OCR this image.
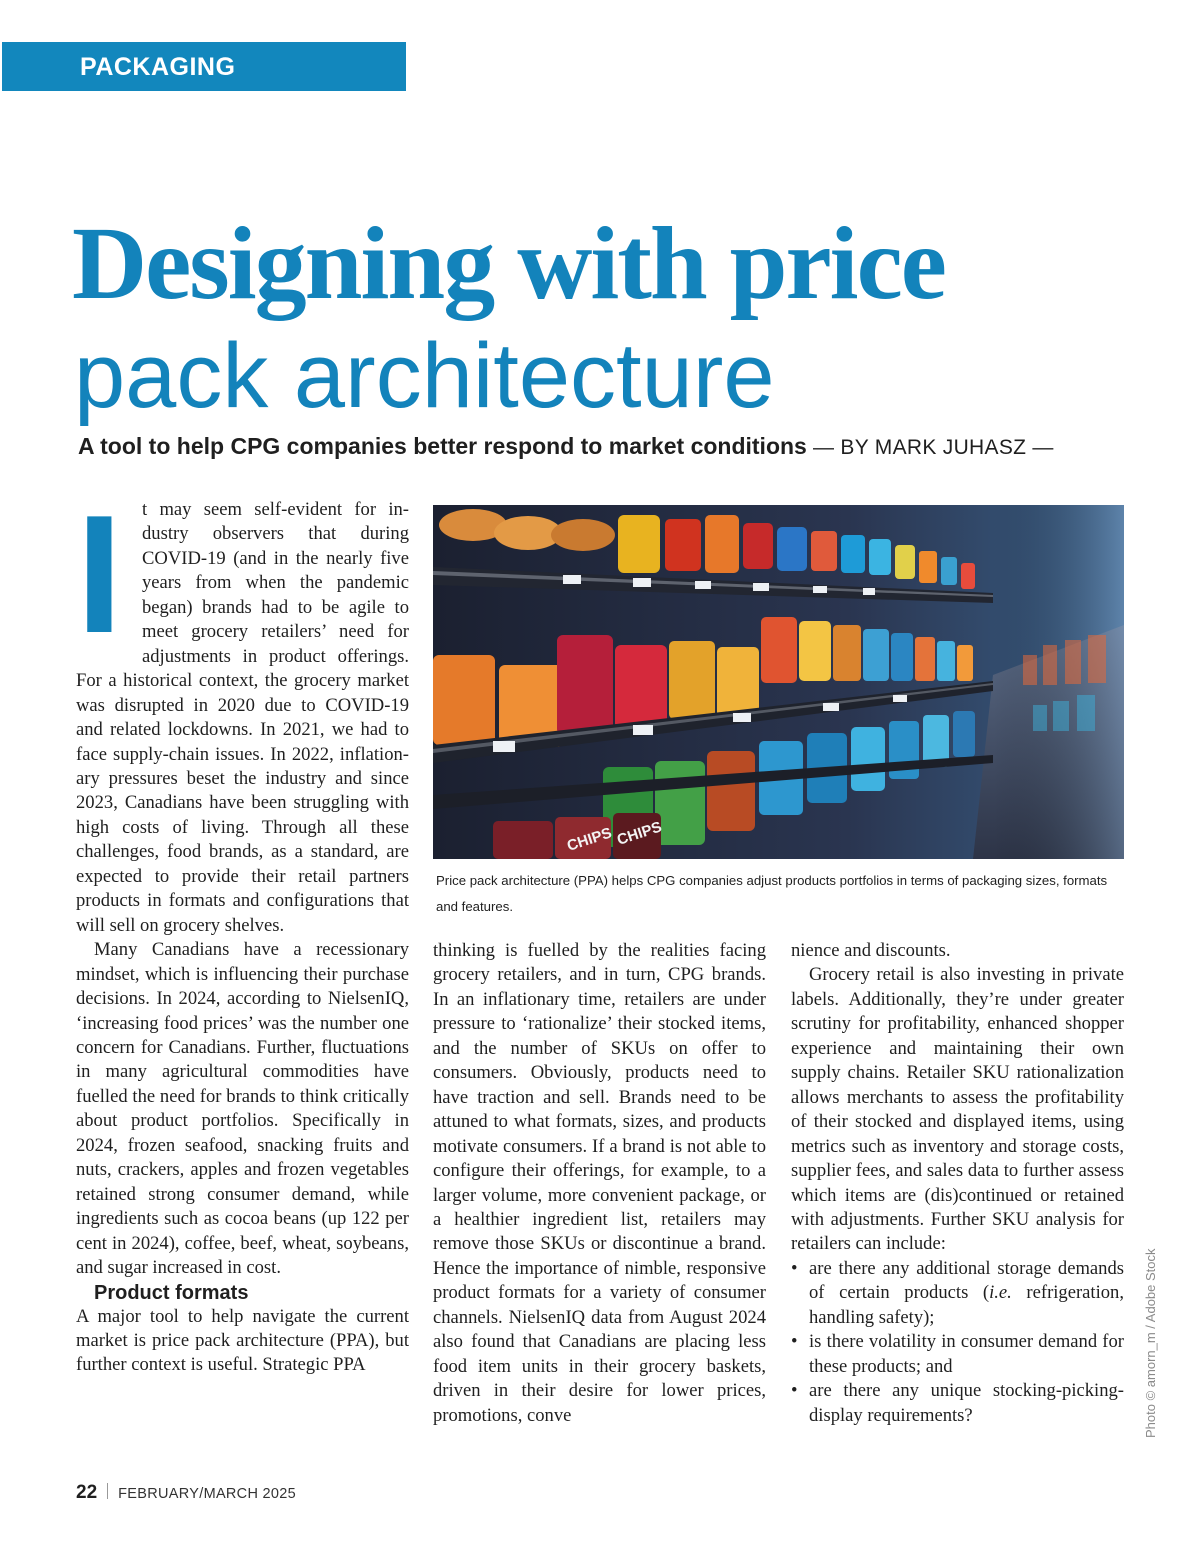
PACKAGING
Designing with price
pack architecture
A tool to help CPG companies better respond to market conditions — BY MARK JUHASZ —
I	t may seem self-evident for industry observers that during COVID-19 (and in the nearly five years from when the pandemic began) brands had to be agile to meet grocery retailers’ need for adjustments in product offerings. For a historical context, the grocery market was disrupted in 2020 due to COVID-19 and related lockdowns. In 2021, we had to face supply-chain issues. In 2022, inflationary pressures beset the industry and since 2023, Canadians have been struggling with high costs of living. Through all these challenges, food brands, as a standard, are expected to provide their retail partners products in formats and configurations that will sell on grocery shelves.

Many Canadians have a recessionary mindset, which is influencing their purchase decisions. In 2024, according to NielsenIQ, ‘increasing food prices’ was the number one concern for Canadians. Further, fluctuations in many agricultural commodities have fuelled the need for brands to think critically about product portfolios. Specifically in 2024, frozen seafood, snacking fruits and nuts, crackers, apples and frozen vegetables retained strong consumer demand, while ingredients such as cocoa beans (up 122 per cent in 2024), coffee, beef, wheat, soybeans, and sugar increased in cost.

Product formats

A major tool to help navigate the current market is price pack architecture (PPA), but further context is useful. Strategic PPA

CHIPS CHIPS
Price pack architecture (PPA) helps CPG companies adjust products portfolios in terms of packaging sizes, formats and features.

thinking is fuelled by the realities facing grocery retailers, and in turn, CPG brands. In an inflationary time, retailers are under pressure to ‘rationalize’ their stocked items, and the number of SKUs on offer to consumers. Obviously, products need to have traction and sell. Brands need to be attuned to what formats, sizes, and products motivate consumers. If a brand is not able to configure their offerings, for example, to a larger volume, more convenient package, or a healthier ingredient list, retailers may remove those SKUs or discontinue a brand. Hence the importance of nimble, responsive product formats for a variety of consumer channels. NielsenIQ data from August 2024 also found that Canadians are placing less food item units in their grocery baskets, driven in their desire for lower prices, promotions, conve

nience and discounts.

Grocery retail is also investing in private labels. Additionally, they’re under greater scrutiny for profitability, enhanced shopper experience and maintaining their own supply chains. Retailer SKU rationalization allows merchants to assess the profitability of their stocked and displayed items, using metrics such as inventory and storage costs, supplier fees, and sales data to further assess which items are (dis)continued or retained with adjustments. Further SKU analysis for retailers can include:

• are there any additional storage demands of certain products (i.e. refrigeration, handling safety);
• is there volatility in consumer demand for these products; and
• are there any unique stocking-picking-display requirements?	Photo © amorn_m / Adobe Stock
22 FEBRUARY/MARCH 2025
